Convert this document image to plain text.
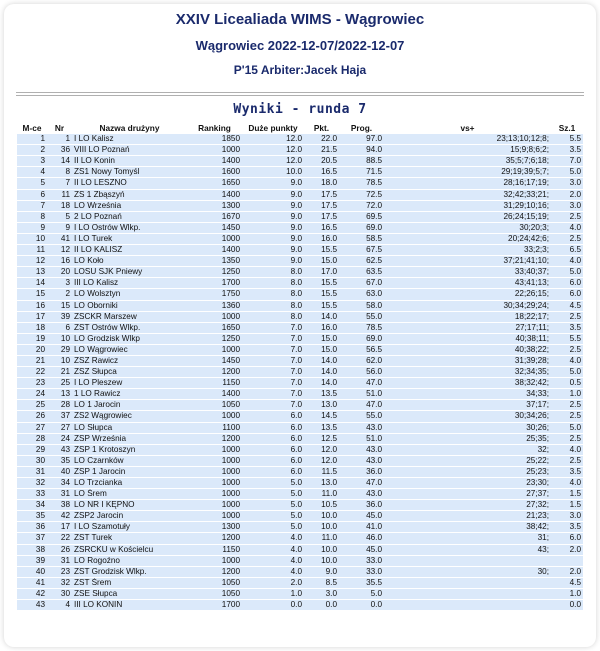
XXIV Licealiada WIMS - Wągrowiec
Wągrowiec 2022-12-07/2022-12-07
P'15 Arbiter:Jacek Haja
Wyniki - runda 7
M-ce	Nr	Nazwa drużyny	Ranking	Duże punkty	Pkt.	Prog.	vs+	Sz.1
1	1	I LO Kalisz	1850	12.0	22.0	97.0	23;13;10;12;8;	5.5
2	36	VIII LO Poznań	1000	12.0	21.5	94.0	15;9;8;6;2;	3.5
3	14	II LO Konin	1400	12.0	20.5	88.5	35;5;7;6;18;	7.0
4	8	ZS1 Nowy Tomyśl	1600	10.0	16.5	71.5	29;19;39;5;7;	5.0
5	7	II LO LESZNO	1650	9.0	18.0	78.5	28;16;17;19;	3.0
6	11	ZS 1 Zbąszyń	1400	9.0	17.5	72.5	32;42;33;21;	2.0
7	18	LO Września	1300	9.0	17.5	72.0	31;29;10;16;	3.0
8	5	2 LO Poznań	1670	9.0	17.5	69.5	26;24;15;19;	2.5
9	9	I LO Ostrów Wlkp.	1450	9.0	16.5	69.0	30;20;3;	4.0
10	41	I LO Turek	1000	9.0	16.0	58.5	20;24;42;6;	2.5
11	12	II LO KALISZ	1400	9.0	15.5	67.5	33;2;3;	6.5
12	16	LO Koło	1350	9.0	15.0	62.5	37;21;41;10;	4.0
13	20	LOSU SJK Pniewy	1250	8.0	17.0	63.5	33;40;37;	5.0
14	3	III LO Kalisz	1700	8.0	15.5	67.0	43;41;13;	6.0
15	2	LO Wolsztyn	1750	8.0	15.5	63.0	22;26;15;	6.0
16	15	LO Oborniki	1360	8.0	15.5	58.0	30;34;29;24;	4.5
17	39	ZSCKR Marszew	1000	8.0	14.0	55.0	18;22;17;	2.5
18	6	ZST Ostrów Wlkp.	1650	7.0	16.0	78.5	27;17;11;	3.5
19	10	LO Grodzisk Wlkp	1250	7.0	15.0	69.0	40;38;11;	5.5
20	29	LO Wągrowiec	1000	7.0	15.0	56.5	40;38;22;	2.5
21	10	ZSZ Rawicz	1450	7.0	14.0	62.0	31;39;28;	4.0
22	21	ZSZ Słupca	1200	7.0	14.0	56.0	32;34;35;	5.0
23	25	I LO Pleszew	1150	7.0	14.0	47.0	38;32;42;	0.5
24	13	1 LO Rawicz	1400	7.0	13.5	51.0	34;33;	1.0
25	28	LO 1 Jarocin	1050	7.0	13.0	47.0	37;17;	2.5
26	37	ZS2 Wągrowiec	1000	6.0	14.5	55.0	30;34;26;	2.5
27	27	LO Słupca	1100	6.0	13.5	43.0	30;26;	5.0
28	24	ZSP Września	1200	6.0	12.5	51.0	25;35;	2.5
29	43	ZSP 1 Krotoszyn	1000	6.0	12.0	43.0	32;	4.0
30	35	LO Czarnków	1000	6.0	12.0	43.0	25;22;	2.5
31	40	ZSP 1 Jarocin	1000	6.0	11.5	36.0	25;23;	3.5
32	34	LO Trzcianka	1000	5.0	13.0	47.0	23;30;	4.0
33	31	LO Śrem	1000	5.0	11.0	43.0	27;37;	1.5
34	38	LO NR I KĘPNO	1000	5.0	10.5	36.0	27;32;	1.5
35	42	ZSP2 Jarocin	1000	5.0	10.0	45.0	21;23;	3.0
36	17	I LO Szamotuły	1300	5.0	10.0	41.0	38;42;	3.5
37	22	ZST Turek	1200	4.0	11.0	46.0	31;	6.0
38	26	ZSRCKU w Kościelcu	1150	4.0	10.0	45.0	43;	2.0
39	31	LO Rogoźno	1000	4.0	10.0	33.0		
40	23	ZST Grodzisk Wlkp.	1200	4.0	9.0	33.0	30;	2.0
41	32	ZST Śrem	1050	2.0	8.5	35.5		4.5
42	30	ZSE Słupca	1050	1.0	3.0	5.0		1.0
43	4	III LO KONIN	1700	0.0	0.0	0.0		0.0
